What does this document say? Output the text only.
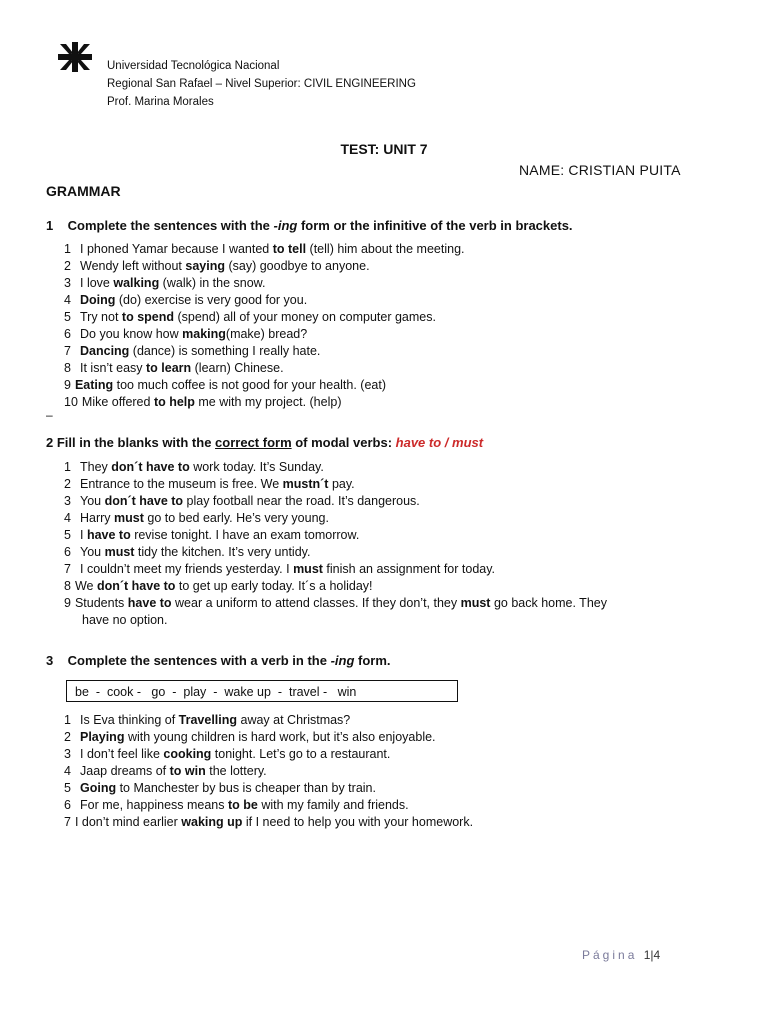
Universidad Tecnológica Nacional
Regional San Rafael – Nivel Superior: CIVIL ENGINEERING
Prof. Marina Morales
TEST: UNIT 7
NAME: CRISTIAN PUITA
GRAMMAR
1 Complete the sentences with the -ing form or the infinitive of the verb in brackets.
1 I phoned Yamar because I wanted to tell (tell) him about the meeting.
2 Wendy left without saying (say) goodbye to anyone.
3 I love walking (walk) in the snow.
4 Doing (do) exercise is very good for you.
5 Try not to spend (spend) all of your money on computer games.
6 Do you know how making(make) bread?
7 Dancing (dance) is something I really hate.
8 It isn’t easy to learn (learn) Chinese.
9 Eating too much coffee is not good for your health. (eat)
10 Mike offered to help me with my project. (help)
–
2 Fill in the blanks with the correct form of modal verbs: have to / must
1 They don´t have to work today. It’s Sunday.
2 Entrance to the museum is free. We mustn´t pay.
3 You don´t have to play football near the road. It’s dangerous.
4 Harry must go to bed early. He’s very young.
5 I have to revise tonight. I have an exam tomorrow.
6 You must tidy the kitchen. It’s very untidy.
7 I couldn’t meet my friends yesterday. I must finish an assignment for today.
8 We don´t have to to get up early today. It´s a holiday!
9 Students have to wear a uniform to attend classes. If they don’t, they must go back home. They
have no option.
3 Complete the sentences with a verb in the -ing form.
be  -  cook -   go  -  play  -  wake up  -  travel -   win
1 Is Eva thinking of Travelling away at Christmas?
2 Playing with young children is hard work, but it’s also enjoyable.
3 I don’t feel like cooking tonight. Let’s go to a restaurant.
4 Jaap dreams of to win the lottery.
5 Going to Manchester by bus is cheaper than by train.
6 For me, happiness means to be with my family and friends.
7 I don’t mind earlier waking up if I need to help you with your homework.
Página 1|4
